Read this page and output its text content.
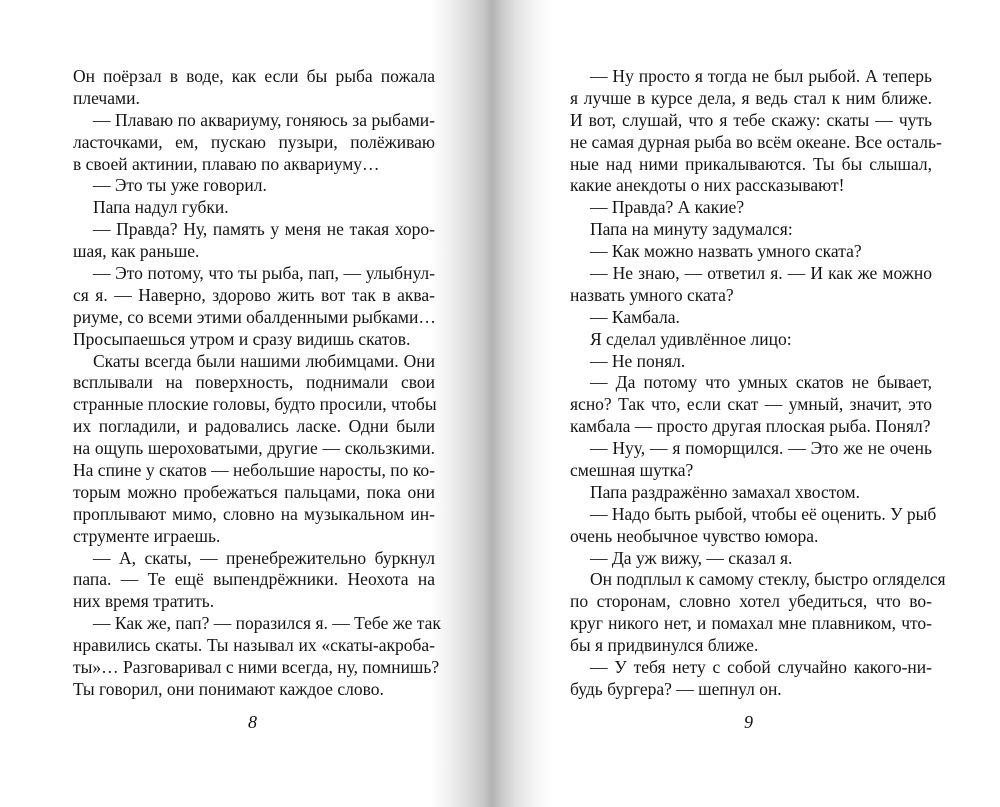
Он поёрзал в воде, как если бы рыба пожала
плечами.
— Плаваю по аквариуму, гоняюсь за рыбами-
ласточками, ем, пускаю пузыри, полёживаю
в своей актинии, плаваю по аквариуму…
— Это ты уже говорил.
Папа надул губки.
— Правда? Ну, память у меня не такая хоро-
шая, как раньше.
— Это потому, что ты рыба, пап, — улыбнул-
ся я. — Наверно, здорово жить вот так в аква-
риуме, со всеми этими обалденными рыбками…
Просыпаешься утром и сразу видишь скатов.
Скаты всегда были нашими любимцами. Они
всплывали на поверхность, поднимали свои
странные плоские головы, будто просили, чтобы
их погладили, и радовались ласке. Одни были
на ощупь шероховатыми, другие — скользкими.
На спине у скатов — небольшие наросты, по ко-
торым можно пробежаться пальцами, пока они
проплывают мимо, словно на музыкальном ин-
струменте играешь.
— А, скаты, — пренебрежительно буркнул
папа. — Те ещё выпендрёжники. Неохота на
них время тратить.
— Как же, пап? — поразился я. — Тебе же так
нравились скаты. Ты называл их «скаты-акробa-
ты»… Разговаривал с ними всегда, ну, помнишь?
Ты говорил, они понимают каждое слово.
8
— Ну просто я тогда не был рыбой. А теперь
я лучше в курсе дела, я ведь стал к ним ближе.
И вот, слушай, что я тебе скажу: скаты — чуть
не самая дурная рыба во всём океане. Все осталь-
ные над ними прикалываются. Ты бы слышал,
какие анекдоты о них рассказывают!
— Правда? А какие?
Папа на минуту задумался:
— Как можно назвать умного ската?
— Не знаю, — ответил я. — И как же можно
назвать умного ската?
— Камбала.
Я сделал удивлённое лицо:
— Не понял.
— Да потому что умных скатов не бывает,
ясно? Так что, если скат — умный, значит, это
камбала — просто другая плоская рыба. Понял?
— Нуу, — я поморщился. — Это же не очень
смешная шутка?
Папа раздражённо замахал хвостом.
— Надо быть рыбой, чтобы её оценить. У рыб
очень необычное чувство юмора.
— Да уж вижу, — сказал я.
Он подплыл к самому стеклу, быстро огляделся
по сторонам, словно хотел убедиться, что во-
круг никого нет, и помахал мне плавником, что-
бы я придвинулся ближе.
— У тебя нету с собой случайно какого-ни-
будь бургера? — шепнул он.
9
